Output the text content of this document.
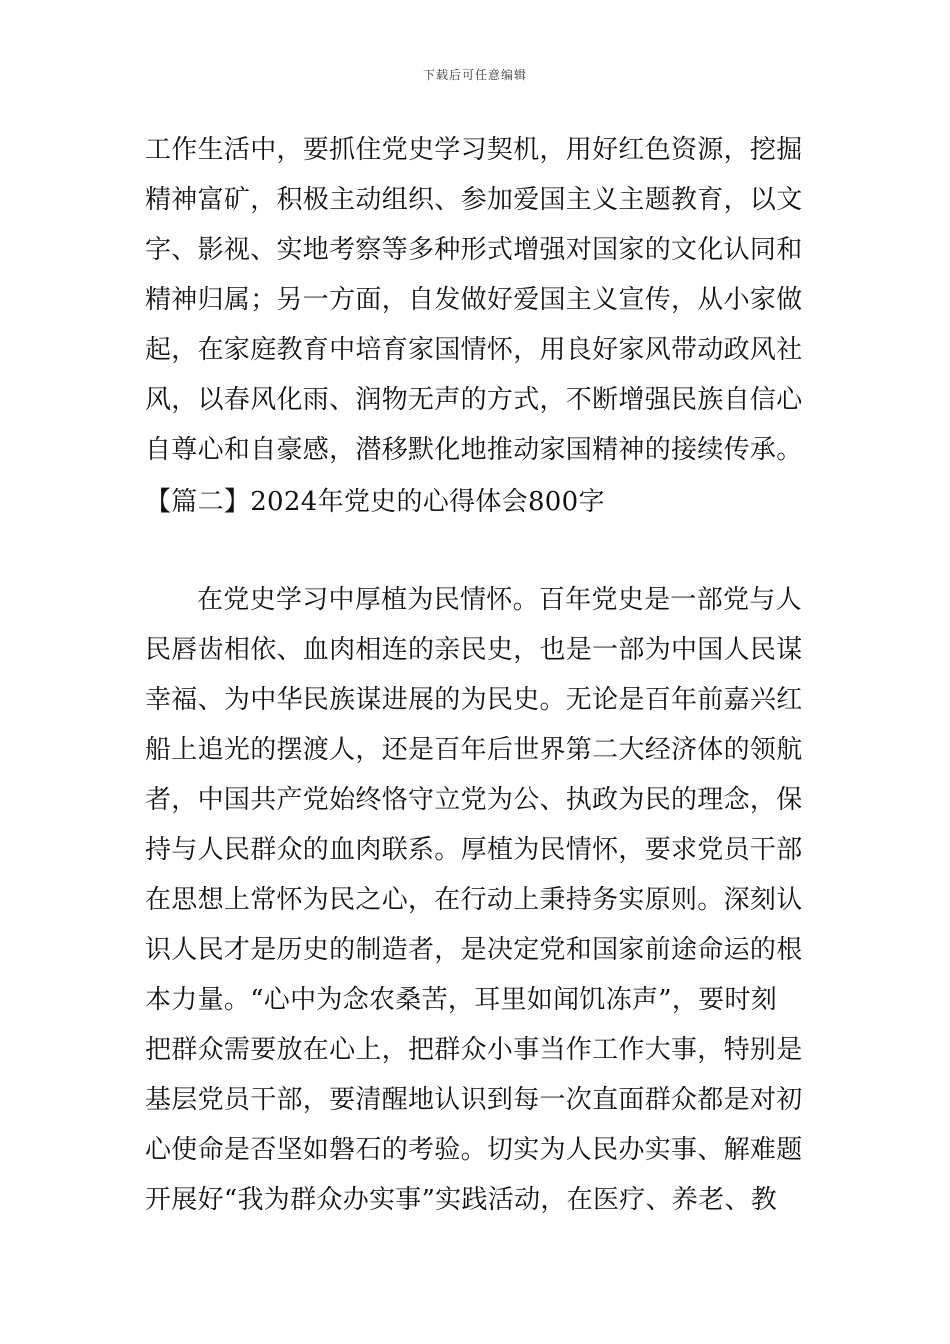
下载后可任意编辑
工作生活中，要抓住党史学习契机，用好红色资源，挖掘
精神富矿，积极主动组织、参加爱国主义主题教育，以文
字、影视、实地考察等多种形式增强对国家的文化认同和
精神归属；另一方面，自发做好爱国主义宣传，从小家做
起，在家庭教育中培育家国情怀，用良好家风带动政风社
风，以春风化雨、润物无声的方式，不断增强民族自信心
自尊心和自豪感，潜移默化地推动家国精神的接续传承。
【篇二】2024年党史的心得体会800字
在党史学习中厚植为民情怀。百年党史是一部党与人
民唇齿相依、血肉相连的亲民史，也是一部为中国人民谋
幸福、为中华民族谋进展的为民史。无论是百年前嘉兴红
船上追光的摆渡人，还是百年后世界第二大经济体的领航
者，中国共产党始终恪守立党为公、执政为民的理念，保
持与人民群众的血肉联系。厚植为民情怀，要求党员干部
在思想上常怀为民之心，在行动上秉持务实原则。深刻认
识人民才是历史的制造者，是决定党和国家前途命运的根
本力量。“心中为念农桑苦，耳里如闻饥冻声”，要时刻
把群众需要放在心上，把群众小事当作工作大事，特别是
基层党员干部，要清醒地认识到每一次直面群众都是对初
心使命是否坚如磐石的考验。切实为人民办实事、解难题
开展好“我为群众办实事”实践活动，在医疗、养老、教
